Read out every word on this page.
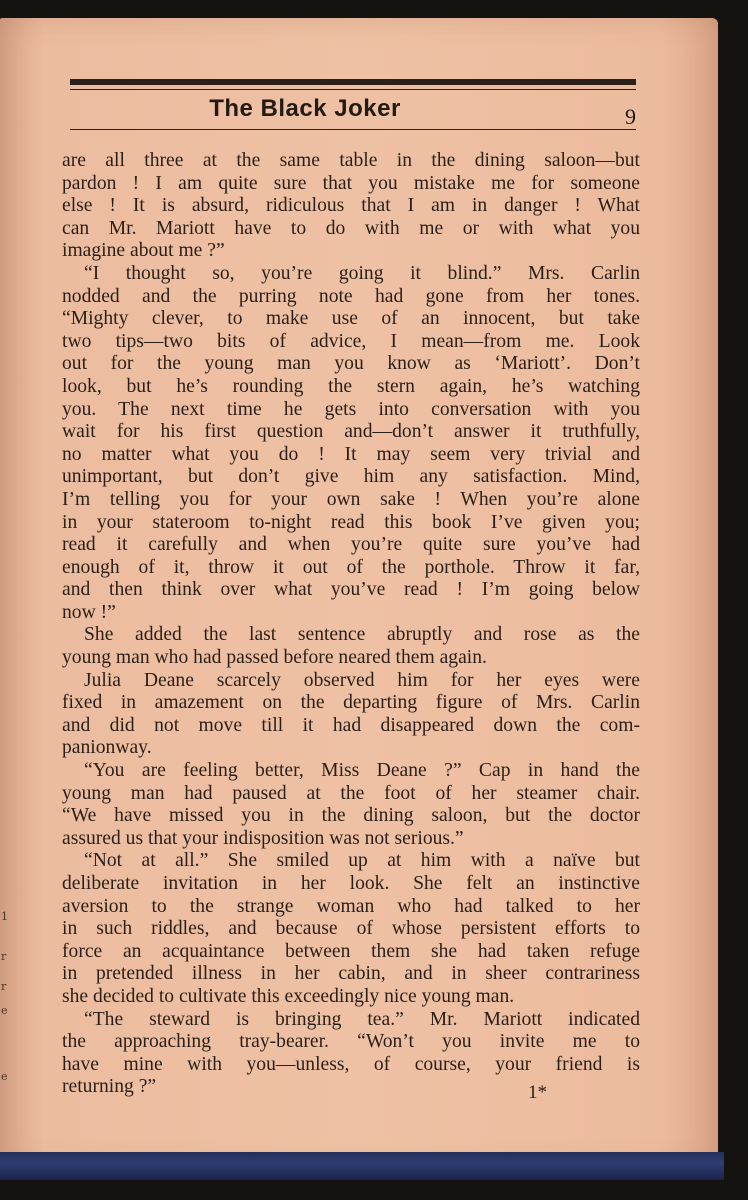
1
r
r
e
e
The Black Joker	9
are all three at the same table in the dining saloon—but
pardon ! I am quite sure that you mistake me for someone
else ! It is absurd, ridiculous that I am in danger ! What
can Mr. Mariott have to do with me or with what you
imagine about me ?”
“I thought so, you’re going it blind.” Mrs. Carlin
nodded and the purring note had gone from her tones.
“Mighty clever, to make use of an innocent, but take
two tips—two bits of advice, I mean—from me. Look
out for the young man you know as ‘Mariott’. Don’t
look, but he’s rounding the stern again, he’s watching
you. The next time he gets into conversation with you
wait for his first question and—don’t answer it truthfully,
no matter what you do ! It may seem very trivial and
unimportant, but don’t give him any satisfaction. Mind,
I’m telling you for your own sake ! When you’re alone
in your stateroom to-night read this book I’ve given you;
read it carefully and when you’re quite sure you’ve had
enough of it, throw it out of the porthole. Throw it far,
and then think over what you’ve read ! I’m going below
now !”
She added the last sentence abruptly and rose as the
young man who had passed before neared them again.
Julia Deane scarcely observed him for her eyes were
fixed in amazement on the departing figure of Mrs. Carlin
and did not move till it had disappeared down the com-
panionway.
“You are feeling better, Miss Deane ?” Cap in hand the
young man had paused at the foot of her steamer chair.
“We have missed you in the dining saloon, but the doctor
assured us that your indisposition was not serious.”
“Not at all.” She smiled up at him with a naïve but
deliberate invitation in her look. She felt an instinctive
aversion to the strange woman who had talked to her
in such riddles, and because of whose persistent efforts to
force an acquaintance between them she had taken refuge
in pretended illness in her cabin, and in sheer contrariness
she decided to cultivate this exceedingly nice young man.
“The steward is bringing tea.” Mr. Mariott indicated
the approaching tray-bearer. “Won’t you invite me to
have mine with you—unless, of course, your friend is
returning ?”	1*
